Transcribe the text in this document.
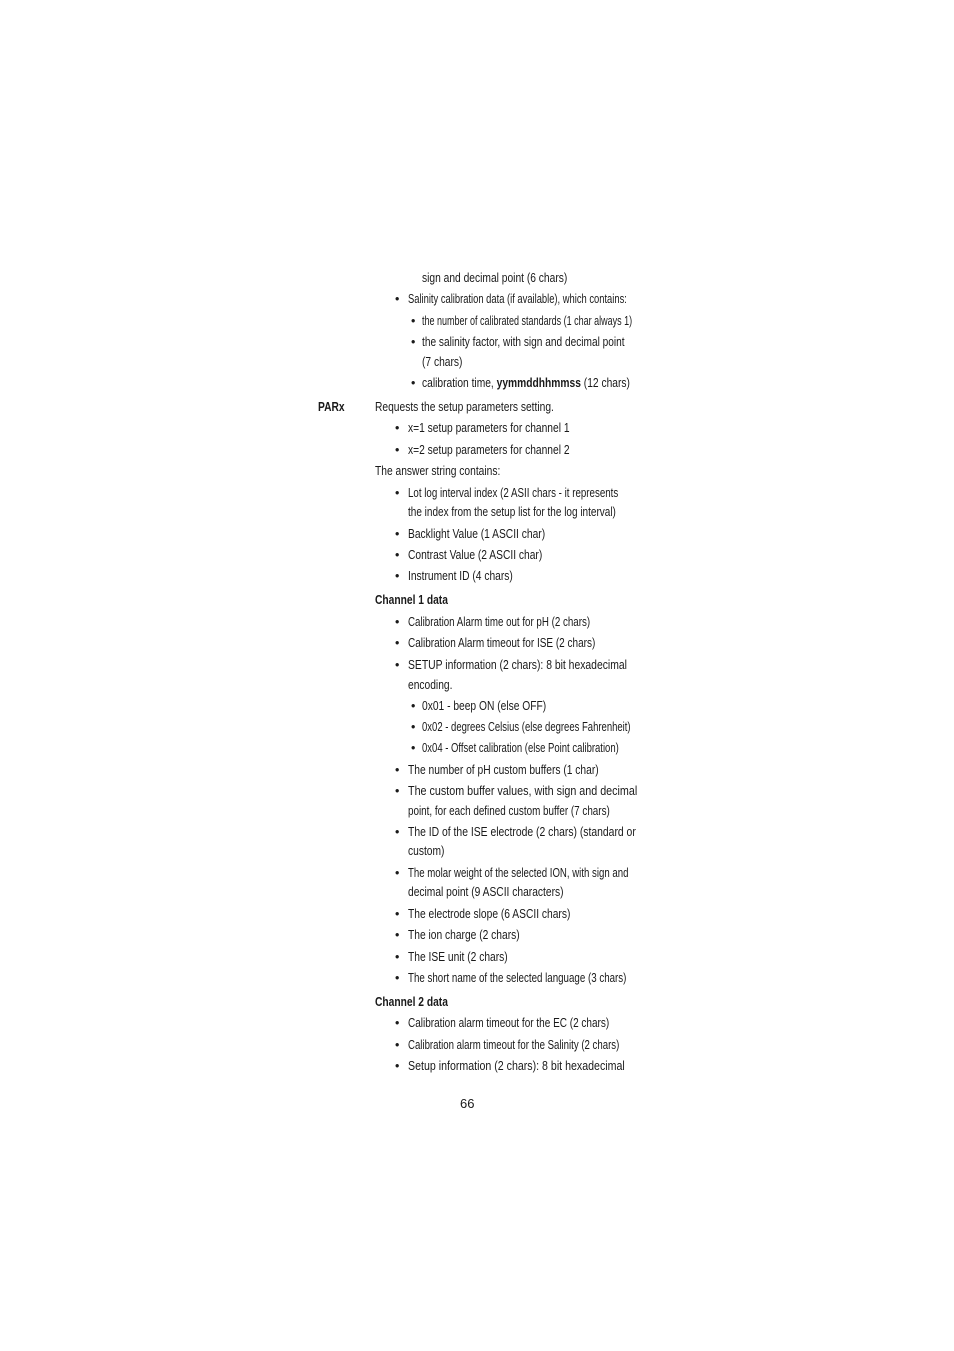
sign and decimal point (6 chars)
• Salinity calibration data (if available), which contains:
• the number of calibrated standards (1 char always 1)
• the salinity factor, with sign and decimal point
(7 chars)
• calibration time, yymmddhhmmss (12 chars)
PARx Requests the setup parameters setting.
• x=1 setup parameters for channel 1
• x=2 setup parameters for channel 2
The answer string contains:
• Lot log interval index (2 ASII chars - it represents
the index from the setup list for the log interval)
• Backlight Value (1 ASCII char)
• Contrast Value (2 ASCII char)
• Instrument ID (4 chars)
Channel 1 data
• Calibration Alarm time out for pH (2 chars)
• Calibration Alarm timeout for ISE (2 chars)
• SETUP information (2 chars): 8 bit hexadecimal
encoding.
• 0x01 - beep ON (else OFF)
• 0x02 - degrees Celsius (else degrees Fahrenheit)
• 0x04 - Offset calibration (else Point calibration)
• The number of pH custom buffers (1 char)
• The custom buffer values, with sign and decimal
point, for each defined custom buffer (7 chars)
• The ID of the ISE electrode (2 chars) (standard or
custom)
• The molar weight of the selected ION, with sign and
decimal point (9 ASCII characters)
• The electrode slope (6 ASCII chars)
• The ion charge (2 chars)
• The ISE unit (2 chars)
• The short name of the selected language (3 chars)
Channel 2 data
• Calibration alarm timeout for the EC (2 chars)
• Calibration alarm timeout for the Salinity (2 chars)
• Setup information (2 chars): 8 bit hexadecimal
66
